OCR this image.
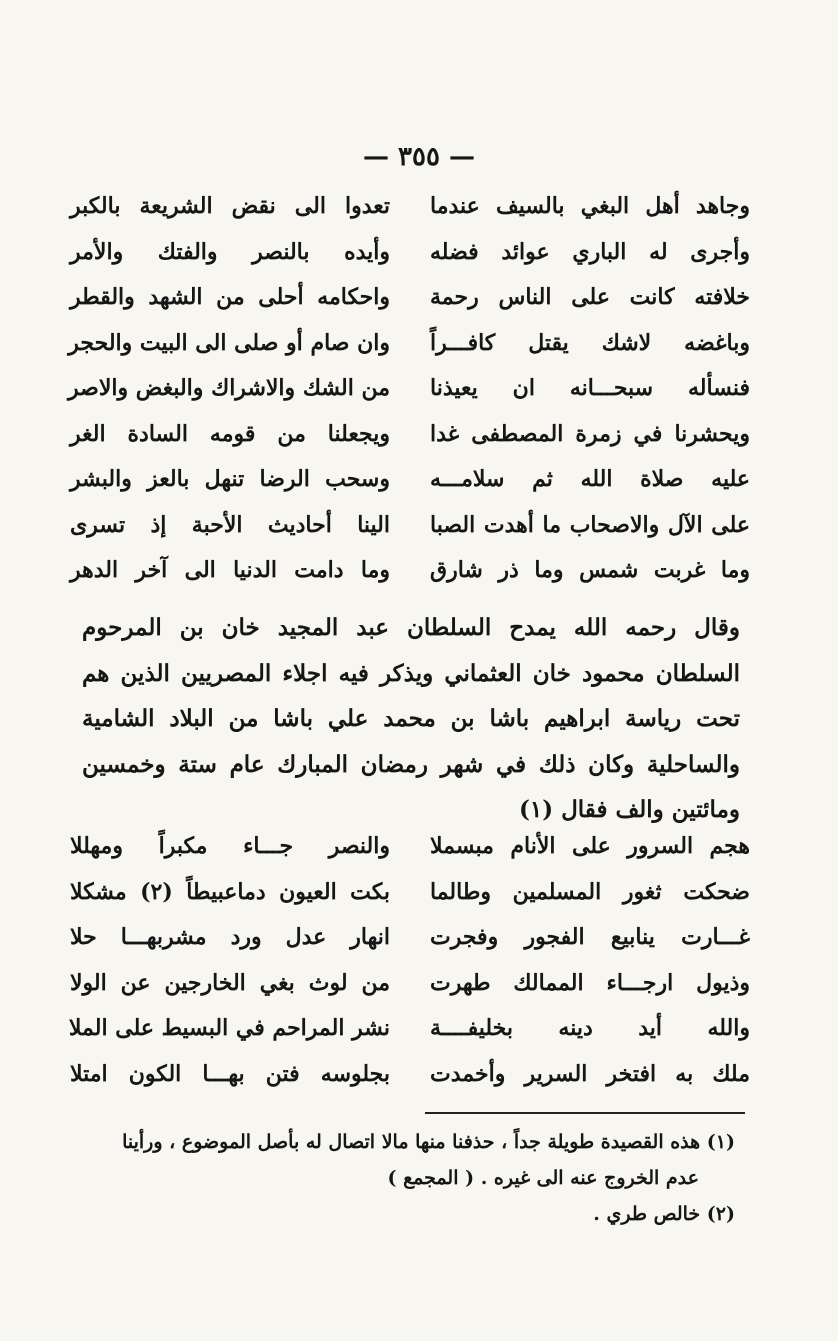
— ٣٥٥ —
وجاهد أهل البغي بالسيف عندما
تعدوا الى نقض الشريعة بالكبر
وأجرى له الباري عوائد فضله
وأيده بالنصر والفتك والأمر
خلافته كانت على الناس رحمة
واحكامه أحلى من الشهد والقطر
وباغضه لاشك يقتل كافـــراً
وان صام أو صلى الى البيت والحجر
فنسأله سبحـــانه ان يعيذنا
من الشك والاشراك والبغض والاصر
ويحشرنا في زمرة المصطفى غدا
ويجعلنا من قومه السادة الغر
عليه صلاة الله ثم سلامـــه
وسحب الرضا تنهل بالعز والبشر
على الآل والاصحاب ما أهدت الصبا
الينا أحاديث الأحبة إذ تسرى
وما غربت شمس وما ذر شارق
وما دامت الدنيا الى آخر الدهر
وقال رحمه الله يمدح السلطان عبد المجيد خان بن المرحوم السلطان محمود خان العثماني ويذكر فيه اجلاء المصريين الذين هم تحت رياسة ابراهيم باشا بن محمد علي باشا من البلاد الشامية والساحلية وكان ذلك في شهر رمضان المبارك عام ستة وخمسين ومائتين والف فقال (١)
هجم السرور على الأنام مبسملا
والنصر جـــاء مكبراً ومهللا
ضحكت ثغور المسلمين وطالما
بكت العيون دماعبيطاً (٢) مشكلا
غـــارت ينابيع الفجور وفجرت
انهار عدل ورد مشربهـــا حلا
وذيول ارجـــاء الممالك طهرت
من لوث بغي الخارجين عن الولا
والله أيد دينه بخليفــــة
نشر المراحم في البسيط على الملا
ملك به افتخر السرير وأخمدت
بجلوسه فتن بهـــا الكون امتلا
(١) هذه القصيدة طويلة جداً ، حذفنا منها مالا اتصال له بأصل الموضوع ، ورأينا
عدم الخروج عنه الى غيره . ( المجمع )
(٢) خالص طري .
